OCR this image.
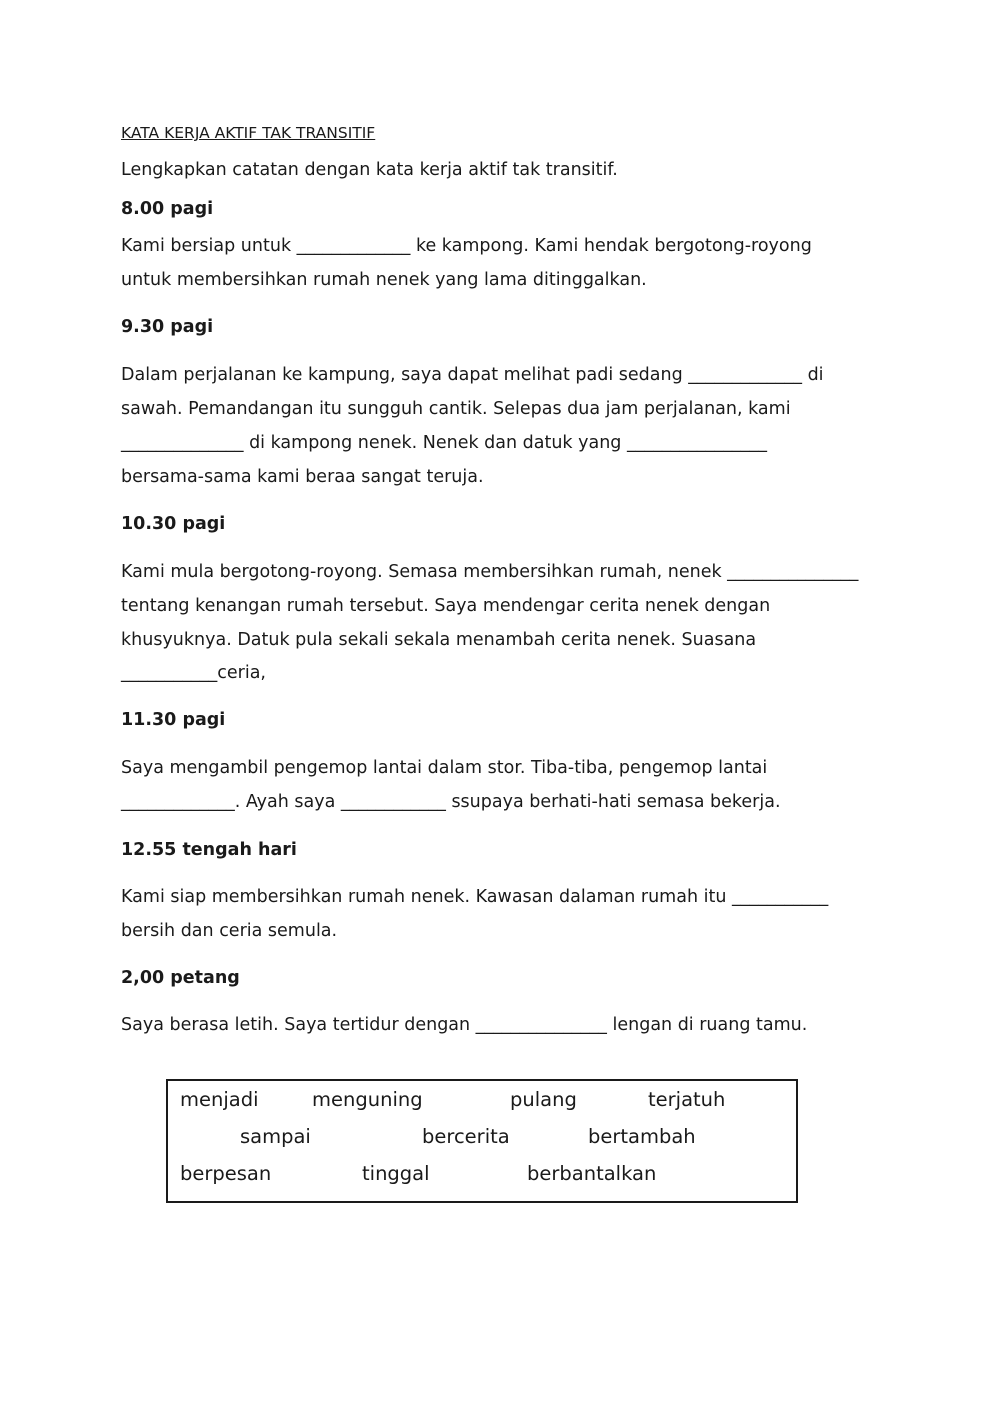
KATA KERJA AKTIF TAK TRANSITIF
Lengkapkan catatan dengan kata kerja aktif tak transitif.
8.00 pagi
Kami bersiap untuk _____________ ke kampong. Kami hendak bergotong-royong
untuk membersihkan rumah nenek yang lama ditinggalkan.
9.30 pagi
Dalam perjalanan ke kampung, saya dapat melihat padi sedang _____________ di
sawah. Pemandangan itu sungguh cantik. Selepas dua jam perjalanan, kami
______________ di kampong nenek. Nenek dan datuk yang ________________
bersama-sama kami beraa sangat teruja.
10.30 pagi
Kami mula bergotong-royong. Semasa membersihkan rumah, nenek _______________
tentang kenangan rumah tersebut. Saya mendengar cerita nenek dengan
khusyuknya. Datuk pula sekali sekala menambah cerita nenek. Suasana
___________ceria,
11.30 pagi
Saya mengambil pengemop lantai dalam stor. Tiba-tiba, pengemop lantai
_____________. Ayah saya ____________ ssupaya berhati-hati semasa bekerja.
12.55 tengah hari
Kami siap membersihkan rumah nenek. Kawasan dalaman rumah itu ___________
bersih dan ceria semula.
2,00 petang
Saya berasa letih. Saya tertidur dengan _______________ lengan di ruang tamu.
menjadi	menguning	pulang	terjatuh
sampai	bercerita	bertambah
berpesan	tinggal	berbantalkan
